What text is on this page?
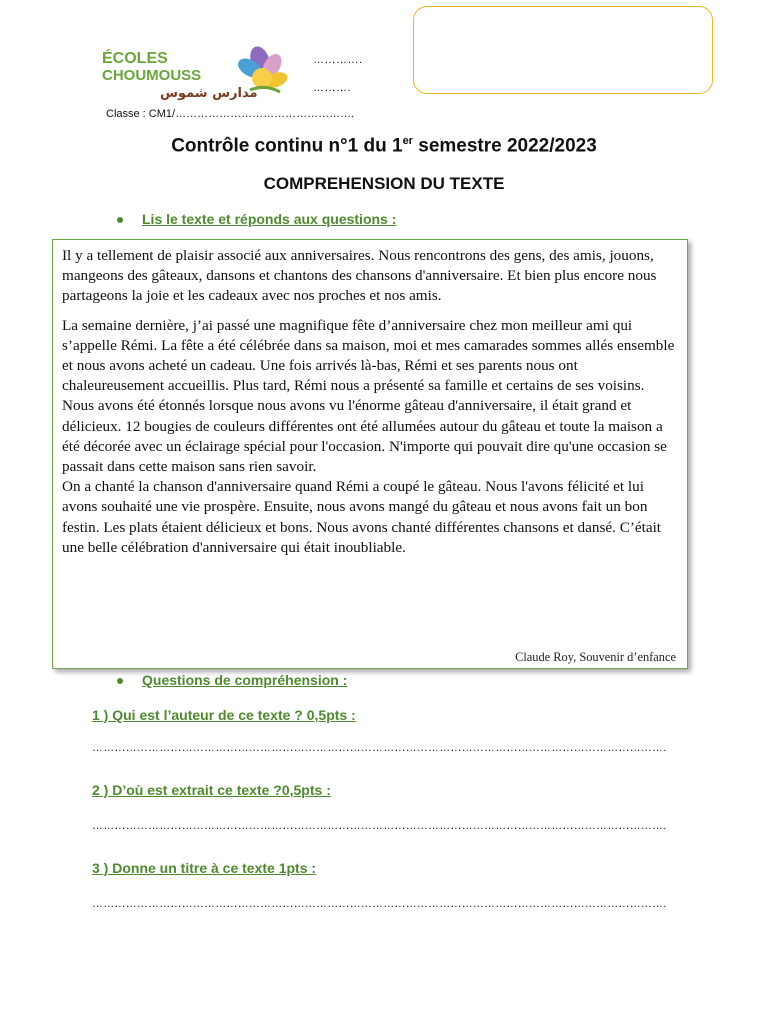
ÉCOLES
CHOUMOUSS
مدارس شموس
………….
……….
Classe : CM1/………………………………………….
Contrôle continu n°1 du 1er semestre 2022/2023
COMPREHENSION DU TEXTE
Lis le texte et réponds aux questions :

Il y a tellement de plaisir associé aux anniversaires. Nous rencontrons des gens, des amis, jouons, mangeons des gâteaux, dansons et chantons des chansons d'anniversaire. Et bien plus encore nous partageons la joie et les cadeaux avec nos proches et nos amis.

La semaine dernière, j’ai passé une magnifique fête d’anniversaire chez mon meilleur ami qui s’appelle Rémi. La fête a été célébrée dans sa maison, moi et mes camarades sommes allés ensemble et nous avons acheté un cadeau. Une fois arrivés là-bas, Rémi et ses parents nous ont chaleureusement accueillis. Plus tard, Rémi nous a présenté sa famille et certains de ses voisins. Nous avons été étonnés lorsque nous avons vu l'énorme gâteau d'anniversaire, il était grand et délicieux. 12 bougies de couleurs différentes ont été allumées autour du gâteau et toute la maison a été décorée avec un éclairage spécial pour l'occasion. N'importe qui pouvait dire qu'une occasion se passait dans cette maison sans rien savoir.

On a chanté la chanson d'anniversaire quand Rémi a coupé le gâteau. Nous l'avons félicité et lui avons souhaité une vie prospère. Ensuite, nous avons mangé du gâteau et nous avons fait un bon festin. Les plats étaient délicieux et bons. Nous avons chanté différentes chansons et dansé. C’était une belle célébration d'anniversaire qui était inoubliable.

Claude Roy, Souvenir d’enfance
Questions de compréhension :
1 ) Qui est l’auteur de ce texte ? 0,5pts :
……………………………………………………………………………………………………………………………………….
2 ) D’où est extrait ce texte ?0,5pts :
……………………………………………………………………………………………………………………………………….
3 ) Donne un titre à ce texte 1pts :
……………………………………………………………………………………………………………………………………….
